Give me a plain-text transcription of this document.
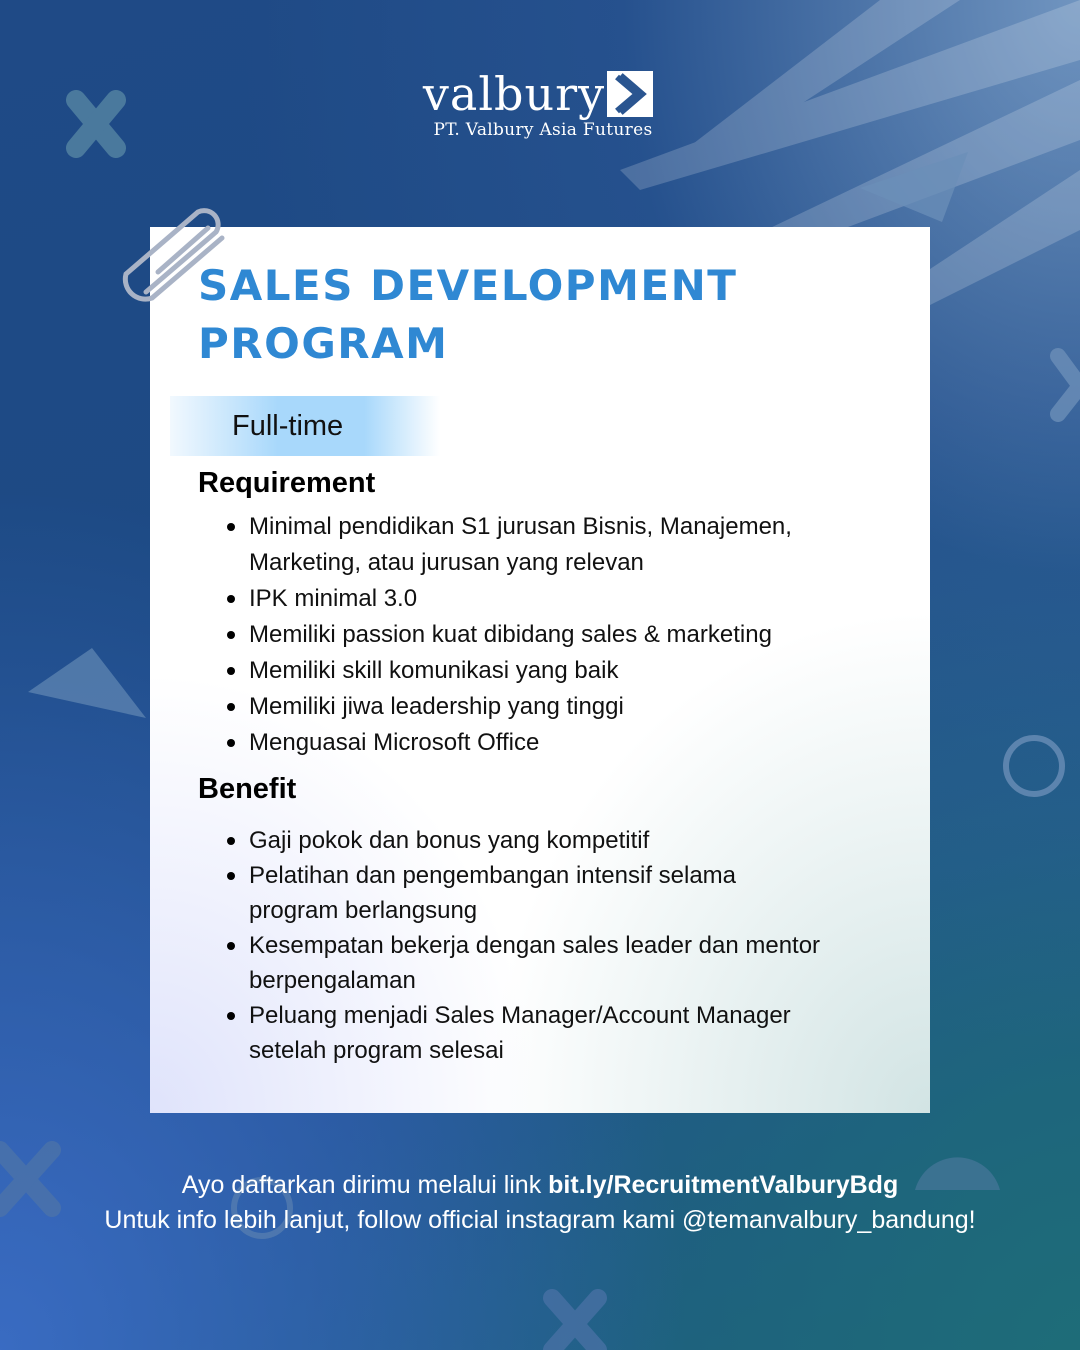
valbury
PT. Valbury Asia Futures
SALES DEVELOPMENT
PROGRAM
Full-time
Requirement
Minimal pendidikan S1 jurusan Bisnis, Manajemen, Marketing, atau jurusan yang relevan
IPK minimal 3.0
Memiliki passion kuat dibidang sales & marketing
Memiliki skill komunikasi yang baik
Memiliki jiwa leadership yang tinggi
Menguasai Microsoft Office
Benefit
Gaji pokok dan bonus yang kompetitif
Pelatihan dan pengembangan intensif selama program berlangsung
Kesempatan bekerja dengan sales leader dan mentor berpengalaman
Peluang menjadi Sales Manager/Account Manager setelah program selesai
Ayo daftarkan dirimu melalui link bit.ly/RecruitmentValburyBdg
Untuk info lebih lanjut, follow official instagram kami @temanvalbury_bandung!
